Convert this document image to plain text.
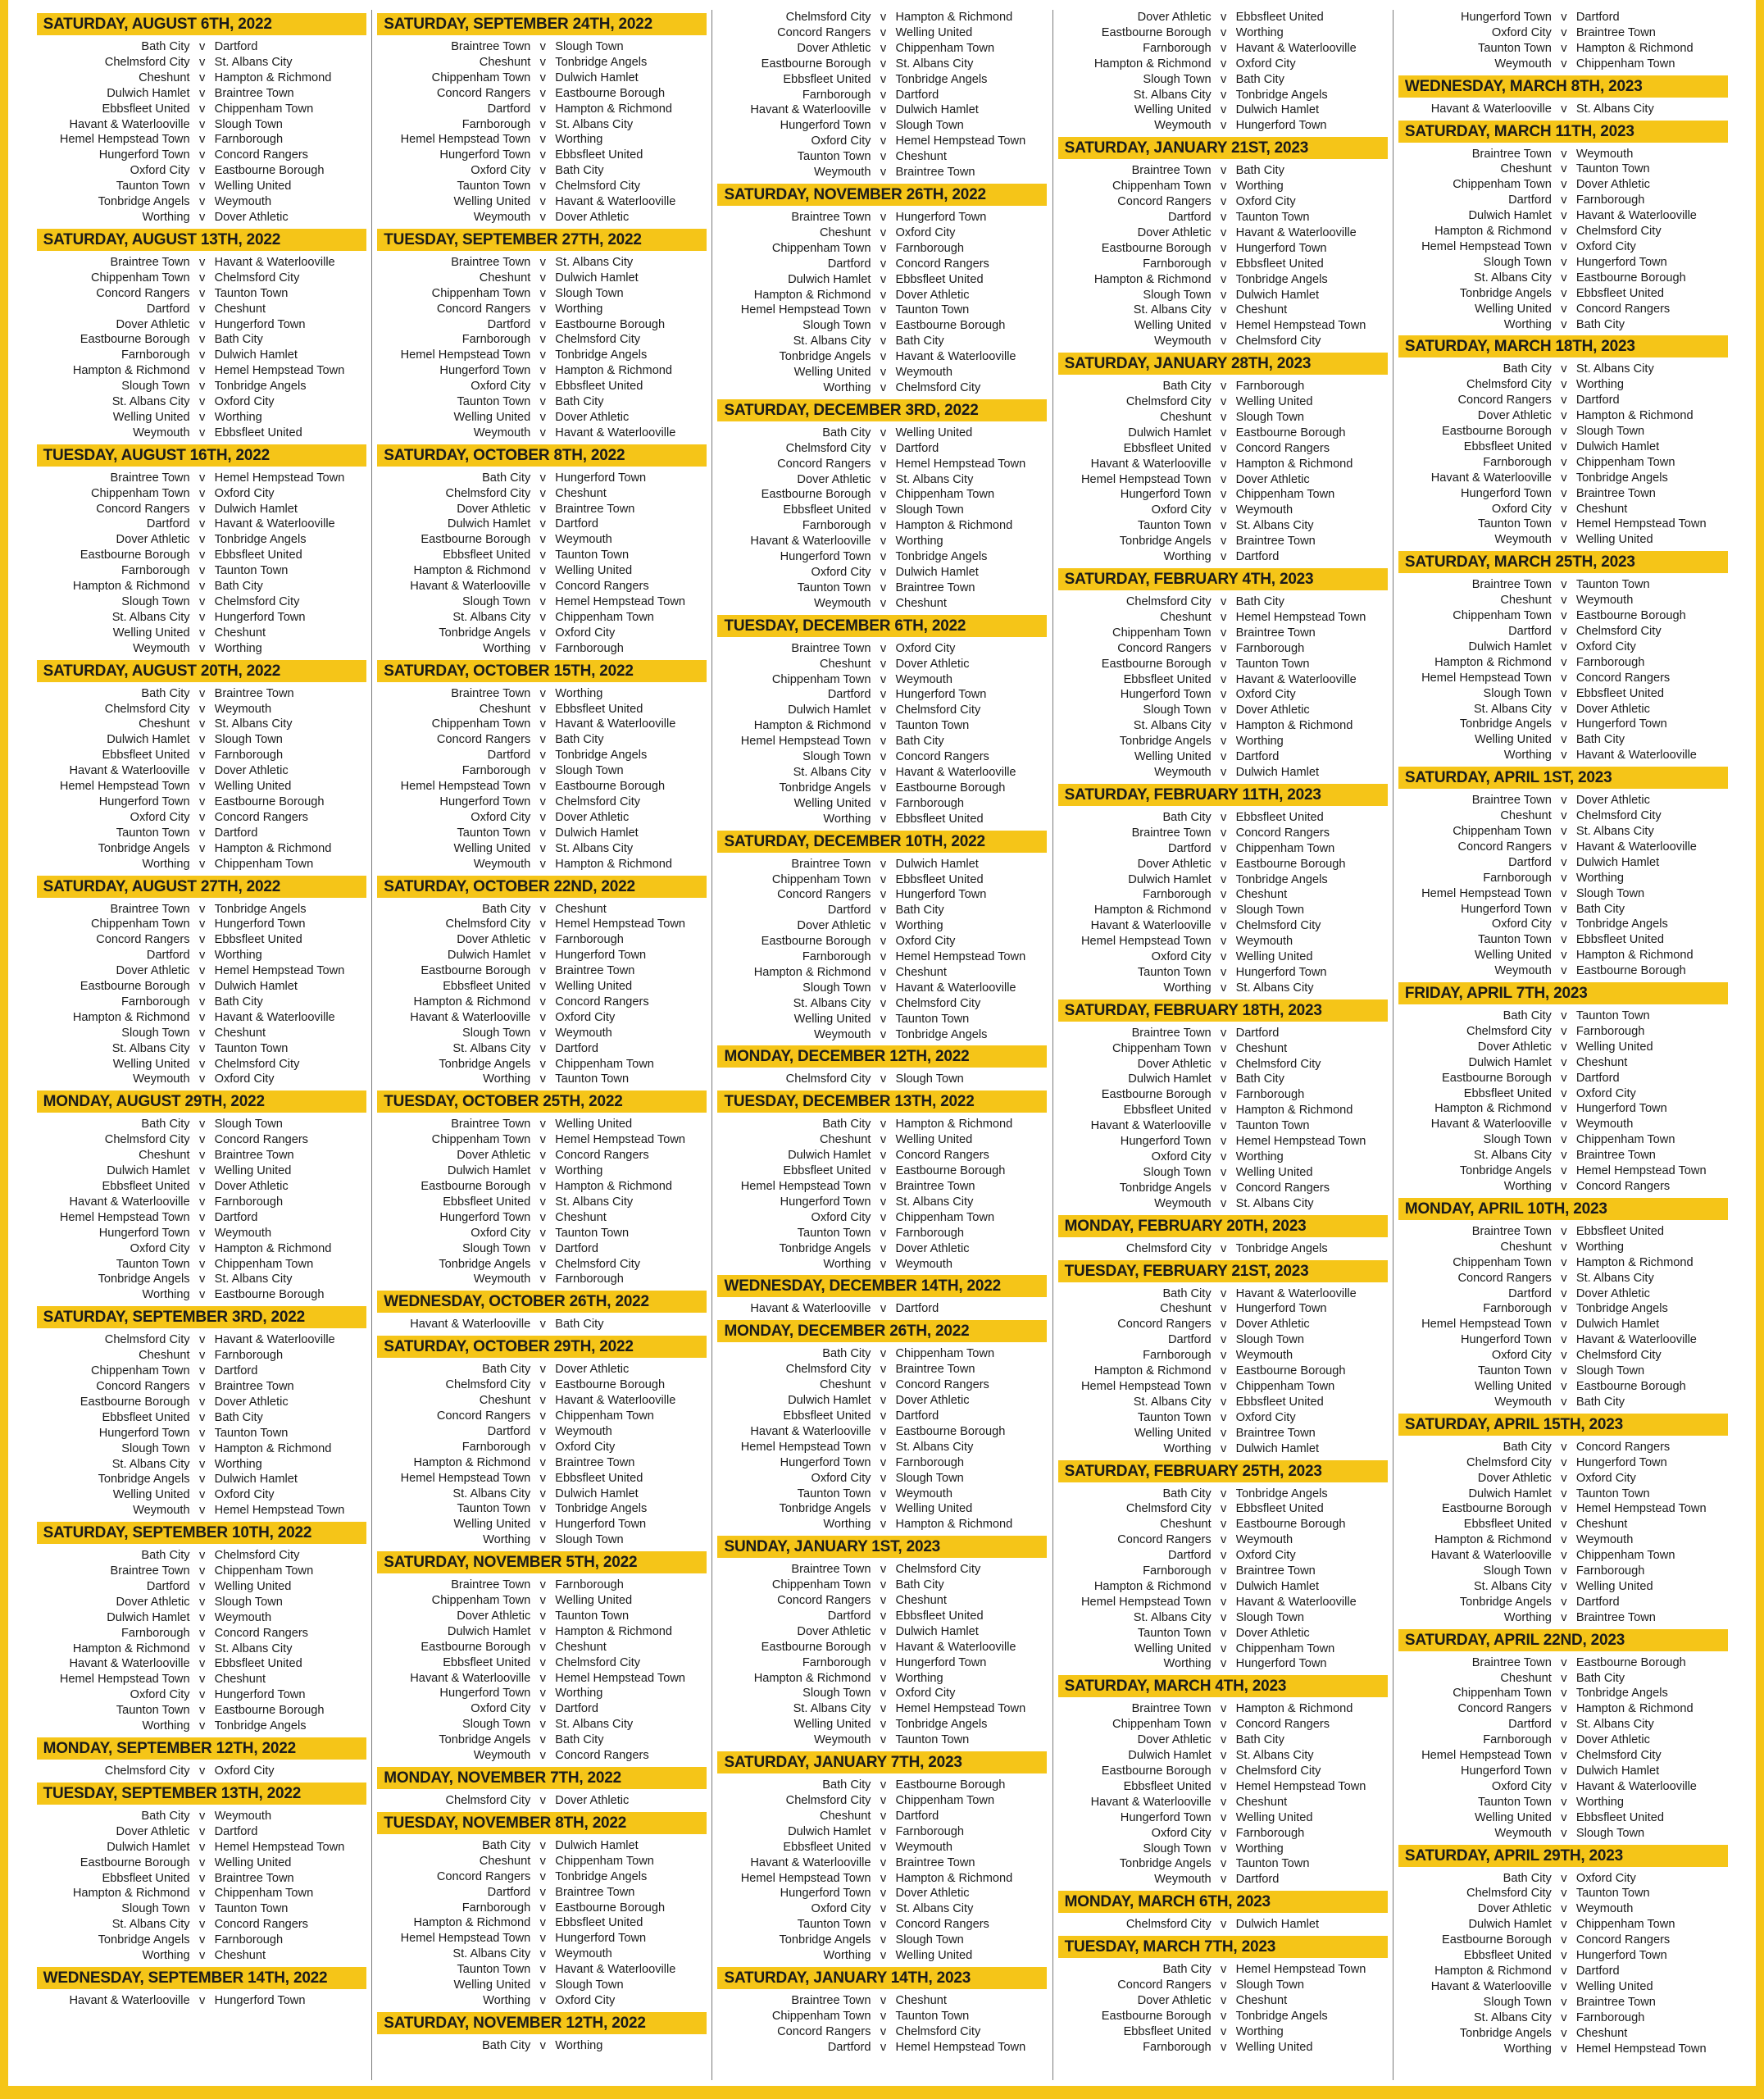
SATURDAY, AUGUST 6TH, 2022
Bath City v Dartford
Chelmsford City v St. Albans City
Cheshunt v Hampton & Richmond
Dulwich Hamlet v Braintree Town
Ebbsfleet United v Chippenham Town
Havant & Waterlooville v Slough Town
Hemel Hempstead Town v Farnborough
Hungerford Town v Concord Rangers
Oxford City v Eastbourne Borough
Taunton Town v Welling United
Tonbridge Angels v Weymouth
Worthing v Dover Athletic
SATURDAY, AUGUST 13TH, 2022
Braintree Town v Havant & Waterlooville
Chippenham Town v Chelmsford City
Concord Rangers v Taunton Town
Dartford v Cheshunt
Dover Athletic v Hungerford Town
Eastbourne Borough v Bath City
Farnborough v Dulwich Hamlet
Hampton & Richmond v Hemel Hempstead Town
Slough Town v Tonbridge Angels
St. Albans City v Oxford City
Welling United v Worthing
Weymouth v Ebbsfleet United
TUESDAY, AUGUST 16TH, 2022
Braintree Town v Hemel Hempstead Town
Chippenham Town v Oxford City
Concord Rangers v Dulwich Hamlet
Dartford v Havant & Waterlooville
Dover Athletic v Tonbridge Angels
Eastbourne Borough v Ebbsfleet United
Farnborough v Taunton Town
Hampton & Richmond v Bath City
Slough Town v Chelmsford City
St. Albans City v Hungerford Town
Welling United v Cheshunt
Weymouth v Worthing
SATURDAY, AUGUST 20TH, 2022
Bath City v Braintree Town
Chelmsford City v Weymouth
Cheshunt v St. Albans City
Dulwich Hamlet v Slough Town
Ebbsfleet United v Farnborough
Havant & Waterlooville v Dover Athletic
Hemel Hempstead Town v Welling United
Hungerford Town v Eastbourne Borough
Oxford City v Concord Rangers
Taunton Town v Dartford
Tonbridge Angels v Hampton & Richmond
Worthing v Chippenham Town
SATURDAY, AUGUST 27TH, 2022
Braintree Town v Tonbridge Angels
Chippenham Town v Hungerford Town
Concord Rangers v Ebbsfleet United
Dartford v Worthing
Dover Athletic v Hemel Hempstead Town
Eastbourne Borough v Dulwich Hamlet
Farnborough v Bath City
Hampton & Richmond v Havant & Waterlooville
Slough Town v Cheshunt
St. Albans City v Taunton Town
Welling United v Chelmsford City
Weymouth v Oxford City
MONDAY, AUGUST 29TH, 2022
Bath City v Slough Town
Chelmsford City v Concord Rangers
Cheshunt v Braintree Town
Dulwich Hamlet v Welling United
Ebbsfleet United v Dover Athletic
Havant & Waterlooville v Farnborough
Hemel Hempstead Town v Dartford
Hungerford Town v Weymouth
Oxford City v Hampton & Richmond
Taunton Town v Chippenham Town
Tonbridge Angels v St. Albans City
Worthing v Eastbourne Borough
SATURDAY, SEPTEMBER 3RD, 2022
Chelmsford City v Havant & Waterlooville
Cheshunt v Farnborough
Chippenham Town v Dartford
Concord Rangers v Braintree Town
Eastbourne Borough v Dover Athletic
Ebbsfleet United v Bath City
Hungerford Town v Taunton Town
Slough Town v Hampton & Richmond
St. Albans City v Worthing
Tonbridge Angels v Dulwich Hamlet
Welling United v Oxford City
Weymouth v Hemel Hempstead Town
SATURDAY, SEPTEMBER 10TH, 2022
Bath City v Chelmsford City
Braintree Town v Chippenham Town
Dartford v Welling United
Dover Athletic v Slough Town
Dulwich Hamlet v Weymouth
Farnborough v Concord Rangers
Hampton & Richmond v St. Albans City
Havant & Waterlooville v Ebbsfleet United
Hemel Hempstead Town v Cheshunt
Oxford City v Hungerford Town
Taunton Town v Eastbourne Borough
Worthing v Tonbridge Angels
MONDAY, SEPTEMBER 12TH, 2022
Chelmsford City v Oxford City
TUESDAY, SEPTEMBER 13TH, 2022
Bath City v Weymouth
Dover Athletic v Dartford
Dulwich Hamlet v Hemel Hempstead Town
Eastbourne Borough v Welling United
Ebbsfleet United v Braintree Town
Hampton & Richmond v Chippenham Town
Slough Town v Taunton Town
St. Albans City v Concord Rangers
Tonbridge Angels v Farnborough
Worthing v Cheshunt
WEDNESDAY, SEPTEMBER 14TH, 2022
Havant & Waterlooville v Hungerford Town
SATURDAY, SEPTEMBER 24TH, 2022
Braintree Town v Slough Town
Cheshunt v Tonbridge Angels
Chippenham Town v Dulwich Hamlet
Concord Rangers v Eastbourne Borough
Dartford v Hampton & Richmond
Farnborough v St. Albans City
Hemel Hempstead Town v Worthing
Hungerford Town v Ebbsfleet United
Oxford City v Bath City
Taunton Town v Chelmsford City
Welling United v Havant & Waterlooville
Weymouth v Dover Athletic
TUESDAY, SEPTEMBER 27TH, 2022
Braintree Town v St. Albans City
Cheshunt v Dulwich Hamlet
Chippenham Town v Slough Town
Concord Rangers v Worthing
Dartford v Eastbourne Borough
Farnborough v Chelmsford City
Hemel Hempstead Town v Tonbridge Angels
Hungerford Town v Hampton & Richmond
Oxford City v Ebbsfleet United
Taunton Town v Bath City
Welling United v Dover Athletic
Weymouth v Havant & Waterlooville
SATURDAY, OCTOBER 8TH, 2022
Bath City v Hungerford Town
Chelmsford City v Cheshunt
Dover Athletic v Braintree Town
Dulwich Hamlet v Dartford
Eastbourne Borough v Weymouth
Ebbsfleet United v Taunton Town
Hampton & Richmond v Welling United
Havant & Waterlooville v Concord Rangers
Slough Town v Hemel Hempstead Town
St. Albans City v Chippenham Town
Tonbridge Angels v Oxford City
Worthing v Farnborough
SATURDAY, OCTOBER 15TH, 2022
Braintree Town v Worthing
Cheshunt v Ebbsfleet United
Chippenham Town v Havant & Waterlooville
Concord Rangers v Bath City
Dartford v Tonbridge Angels
Farnborough v Slough Town
Hemel Hempstead Town v Eastbourne Borough
Hungerford Town v Chelmsford City
Oxford City v Dover Athletic
Taunton Town v Dulwich Hamlet
Welling United v St. Albans City
Weymouth v Hampton & Richmond
SATURDAY, OCTOBER 22ND, 2022
Bath City v Cheshunt
Chelmsford City v Hemel Hempstead Town
Dover Athletic v Farnborough
Dulwich Hamlet v Hungerford Town
Eastbourne Borough v Braintree Town
Ebbsfleet United v Welling United
Hampton & Richmond v Concord Rangers
Havant & Waterlooville v Oxford City
Slough Town v Weymouth
St. Albans City v Dartford
Tonbridge Angels v Chippenham Town
Worthing v Taunton Town
TUESDAY, OCTOBER 25TH, 2022
Braintree Town v Welling United
Chippenham Town v Hemel Hempstead Town
Dover Athletic v Concord Rangers
Dulwich Hamlet v Worthing
Eastbourne Borough v Hampton & Richmond
Ebbsfleet United v St. Albans City
Hungerford Town v Cheshunt
Oxford City v Taunton Town
Slough Town v Dartford
Tonbridge Angels v Chelmsford City
Weymouth v Farnborough
WEDNESDAY, OCTOBER 26TH, 2022
Havant & Waterlooville v Bath City
SATURDAY, OCTOBER 29TH, 2022
Bath City v Dover Athletic
Chelmsford City v Eastbourne Borough
Cheshunt v Havant & Waterlooville
Concord Rangers v Chippenham Town
Dartford v Weymouth
Farnborough v Oxford City
Hampton & Richmond v Braintree Town
Hemel Hempstead Town v Ebbsfleet United
St. Albans City v Dulwich Hamlet
Taunton Town v Tonbridge Angels
Welling United v Hungerford Town
Worthing v Slough Town
SATURDAY, NOVEMBER 5TH, 2022
Braintree Town v Farnborough
Chippenham Town v Welling United
Dover Athletic v Taunton Town
Dulwich Hamlet v Hampton & Richmond
Eastbourne Borough v Cheshunt
Ebbsfleet United v Chelmsford City
Havant & Waterlooville v Hemel Hempstead Town
Hungerford Town v Worthing
Oxford City v Dartford
Slough Town v St. Albans City
Tonbridge Angels v Bath City
Weymouth v Concord Rangers
MONDAY, NOVEMBER 7TH, 2022
Chelmsford City v Dover Athletic
TUESDAY, NOVEMBER 8TH, 2022
Bath City v Dulwich Hamlet
Cheshunt v Chippenham Town
Concord Rangers v Tonbridge Angels
Dartford v Braintree Town
Farnborough v Eastbourne Borough
Hampton & Richmond v Ebbsfleet United
Hemel Hempstead Town v Hungerford Town
St. Albans City v Weymouth
Taunton Town v Havant & Waterlooville
Welling United v Slough Town
Worthing v Oxford City
SATURDAY, NOVEMBER 12TH, 2022
Bath City v Worthing
Chelmsford City v Hampton & Richmond
Concord Rangers v Welling United
Dover Athletic v Chippenham Town
Eastbourne Borough v St. Albans City
Ebbsfleet United v Tonbridge Angels
Farnborough v Dartford
Havant & Waterlooville v Dulwich Hamlet
Hungerford Town v Slough Town
Oxford City v Hemel Hempstead Town
Taunton Town v Cheshunt
Weymouth v Braintree Town
SATURDAY, NOVEMBER 26TH, 2022
Braintree Town v Hungerford Town
Cheshunt v Oxford City
Chippenham Town v Farnborough
Dartford v Concord Rangers
Dulwich Hamlet v Ebbsfleet United
Hampton & Richmond v Dover Athletic
Hemel Hempstead Town v Taunton Town
Slough Town v Eastbourne Borough
St. Albans City v Bath City
Tonbridge Angels v Havant & Waterlooville
Welling United v Weymouth
Worthing v Chelmsford City
SATURDAY, DECEMBER 3RD, 2022
Bath City v Welling United
Chelmsford City v Dartford
Concord Rangers v Hemel Hempstead Town
Dover Athletic v St. Albans City
Eastbourne Borough v Chippenham Town
Ebbsfleet United v Slough Town
Farnborough v Hampton & Richmond
Havant & Waterlooville v Worthing
Hungerford Town v Tonbridge Angels
Oxford City v Dulwich Hamlet
Taunton Town v Braintree Town
Weymouth v Cheshunt
TUESDAY, DECEMBER 6TH, 2022
Braintree Town v Oxford City
Cheshunt v Dover Athletic
Chippenham Town v Weymouth
Dartford v Hungerford Town
Dulwich Hamlet v Chelmsford City
Hampton & Richmond v Taunton Town
Hemel Hempstead Town v Bath City
Slough Town v Concord Rangers
St. Albans City v Havant & Waterlooville
Tonbridge Angels v Eastbourne Borough
Welling United v Farnborough
Worthing v Ebbsfleet United
SATURDAY, DECEMBER 10TH, 2022
Braintree Town v Dulwich Hamlet
Chippenham Town v Ebbsfleet United
Concord Rangers v Hungerford Town
Dartford v Bath City
Dover Athletic v Worthing
Eastbourne Borough v Oxford City
Farnborough v Hemel Hempstead Town
Hampton & Richmond v Cheshunt
Slough Town v Havant & Waterlooville
St. Albans City v Chelmsford City
Welling United v Taunton Town
Weymouth v Tonbridge Angels
MONDAY, DECEMBER 12TH, 2022
Chelmsford City v Slough Town
TUESDAY, DECEMBER 13TH, 2022
Bath City v Hampton & Richmond
Cheshunt v Welling United
Dulwich Hamlet v Concord Rangers
Ebbsfleet United v Eastbourne Borough
Hemel Hempstead Town v Braintree Town
Hungerford Town v St. Albans City
Oxford City v Chippenham Town
Taunton Town v Farnborough
Tonbridge Angels v Dover Athletic
Worthing v Weymouth
WEDNESDAY, DECEMBER 14TH, 2022
Havant & Waterlooville v Dartford
MONDAY, DECEMBER 26TH, 2022
Bath City v Chippenham Town
Chelmsford City v Braintree Town
Cheshunt v Concord Rangers
Dulwich Hamlet v Dover Athletic
Ebbsfleet United v Dartford
Havant & Waterlooville v Eastbourne Borough
Hemel Hempstead Town v St. Albans City
Hungerford Town v Farnborough
Oxford City v Slough Town
Taunton Town v Weymouth
Tonbridge Angels v Welling United
Worthing v Hampton & Richmond
SUNDAY, JANUARY 1ST, 2023
Braintree Town v Chelmsford City
Chippenham Town v Bath City
Concord Rangers v Cheshunt
Dartford v Ebbsfleet United
Dover Athletic v Dulwich Hamlet
Eastbourne Borough v Havant & Waterlooville
Farnborough v Hungerford Town
Hampton & Richmond v Worthing
Slough Town v Oxford City
St. Albans City v Hemel Hempstead Town
Welling United v Tonbridge Angels
Weymouth v Taunton Town
SATURDAY, JANUARY 7TH, 2023
Bath City v Eastbourne Borough
Chelmsford City v Chippenham Town
Cheshunt v Dartford
Dulwich Hamlet v Farnborough
Ebbsfleet United v Weymouth
Havant & Waterlooville v Braintree Town
Hemel Hempstead Town v Hampton & Richmond
Hungerford Town v Dover Athletic
Oxford City v St. Albans City
Taunton Town v Concord Rangers
Tonbridge Angels v Slough Town
Worthing v Welling United
SATURDAY, JANUARY 14TH, 2023
Braintree Town v Cheshunt
Chippenham Town v Taunton Town
Concord Rangers v Chelmsford City
Dartford v Hemel Hempstead Town
Dover Athletic v Ebbsfleet United
Eastbourne Borough v Worthing
Farnborough v Havant & Waterlooville
Hampton & Richmond v Oxford City
Slough Town v Bath City
St. Albans City v Tonbridge Angels
Welling United v Dulwich Hamlet
Weymouth v Hungerford Town
SATURDAY, JANUARY 21ST, 2023
Braintree Town v Bath City
Chippenham Town v Worthing
Concord Rangers v Oxford City
Dartford v Taunton Town
Dover Athletic v Havant & Waterlooville
Eastbourne Borough v Hungerford Town
Farnborough v Ebbsfleet United
Hampton & Richmond v Tonbridge Angels
Slough Town v Dulwich Hamlet
St. Albans City v Cheshunt
Welling United v Hemel Hempstead Town
Weymouth v Chelmsford City
SATURDAY, JANUARY 28TH, 2023
Bath City v Farnborough
Chelmsford City v Welling United
Cheshunt v Slough Town
Dulwich Hamlet v Eastbourne Borough
Ebbsfleet United v Concord Rangers
Havant & Waterlooville v Hampton & Richmond
Hemel Hempstead Town v Dover Athletic
Hungerford Town v Chippenham Town
Oxford City v Weymouth
Taunton Town v St. Albans City
Tonbridge Angels v Braintree Town
Worthing v Dartford
SATURDAY, FEBRUARY 4TH, 2023
Chelmsford City v Bath City
Cheshunt v Hemel Hempstead Town
Chippenham Town v Braintree Town
Concord Rangers v Farnborough
Eastbourne Borough v Taunton Town
Ebbsfleet United v Havant & Waterlooville
Hungerford Town v Oxford City
Slough Town v Dover Athletic
St. Albans City v Hampton & Richmond
Tonbridge Angels v Worthing
Welling United v Dartford
Weymouth v Dulwich Hamlet
SATURDAY, FEBRUARY 11TH, 2023
Bath City v Ebbsfleet United
Braintree Town v Concord Rangers
Dartford v Chippenham Town
Dover Athletic v Eastbourne Borough
Dulwich Hamlet v Tonbridge Angels
Farnborough v Cheshunt
Hampton & Richmond v Slough Town
Havant & Waterlooville v Chelmsford City
Hemel Hempstead Town v Weymouth
Oxford City v Welling United
Taunton Town v Hungerford Town
Worthing v St. Albans City
SATURDAY, FEBRUARY 18TH, 2023
Braintree Town v Dartford
Chippenham Town v Cheshunt
Dover Athletic v Chelmsford City
Dulwich Hamlet v Bath City
Eastbourne Borough v Farnborough
Ebbsfleet United v Hampton & Richmond
Havant & Waterlooville v Taunton Town
Hungerford Town v Hemel Hempstead Town
Oxford City v Worthing
Slough Town v Welling United
Tonbridge Angels v Concord Rangers
Weymouth v St. Albans City
MONDAY, FEBRUARY 20TH, 2023
Chelmsford City v Tonbridge Angels
TUESDAY, FEBRUARY 21ST, 2023
Bath City v Havant & Waterlooville
Cheshunt v Hungerford Town
Concord Rangers v Dover Athletic
Dartford v Slough Town
Farnborough v Weymouth
Hampton & Richmond v Eastbourne Borough
Hemel Hempstead Town v Chippenham Town
St. Albans City v Ebbsfleet United
Taunton Town v Oxford City
Welling United v Braintree Town
Worthing v Dulwich Hamlet
SATURDAY, FEBRUARY 25TH, 2023
Bath City v Tonbridge Angels
Chelmsford City v Ebbsfleet United
Cheshunt v Eastbourne Borough
Concord Rangers v Weymouth
Dartford v Oxford City
Farnborough v Braintree Town
Hampton & Richmond v Dulwich Hamlet
Hemel Hempstead Town v Havant & Waterlooville
St. Albans City v Slough Town
Taunton Town v Dover Athletic
Welling United v Chippenham Town
Worthing v Hungerford Town
SATURDAY, MARCH 4TH, 2023
Braintree Town v Hampton & Richmond
Chippenham Town v Concord Rangers
Dover Athletic v Bath City
Dulwich Hamlet v St. Albans City
Eastbourne Borough v Chelmsford City
Ebbsfleet United v Hemel Hempstead Town
Havant & Waterlooville v Cheshunt
Hungerford Town v Welling United
Oxford City v Farnborough
Slough Town v Worthing
Tonbridge Angels v Taunton Town
Weymouth v Dartford
MONDAY, MARCH 6TH, 2023
Chelmsford City v Dulwich Hamlet
TUESDAY, MARCH 7TH, 2023
Bath City v Hemel Hempstead Town
Concord Rangers v Slough Town
Dover Athletic v Cheshunt
Eastbourne Borough v Tonbridge Angels
Ebbsfleet United v Worthing
Farnborough v Welling United
Hungerford Town v Dartford
Oxford City v Braintree Town
Taunton Town v Hampton & Richmond
Weymouth v Chippenham Town
WEDNESDAY, MARCH 8TH, 2023
Havant & Waterlooville v St. Albans City
SATURDAY, MARCH 11TH, 2023
Braintree Town v Weymouth
Cheshunt v Taunton Town
Chippenham Town v Dover Athletic
Dartford v Farnborough
Dulwich Hamlet v Havant & Waterlooville
Hampton & Richmond v Chelmsford City
Hemel Hempstead Town v Oxford City
Slough Town v Hungerford Town
St. Albans City v Eastbourne Borough
Tonbridge Angels v Ebbsfleet United
Welling United v Concord Rangers
Worthing v Bath City
SATURDAY, MARCH 18TH, 2023
Bath City v St. Albans City
Chelmsford City v Worthing
Concord Rangers v Dartford
Dover Athletic v Hampton & Richmond
Eastbourne Borough v Slough Town
Ebbsfleet United v Dulwich Hamlet
Farnborough v Chippenham Town
Havant & Waterlooville v Tonbridge Angels
Hungerford Town v Braintree Town
Oxford City v Cheshunt
Taunton Town v Hemel Hempstead Town
Weymouth v Welling United
SATURDAY, MARCH 25TH, 2023
Braintree Town v Taunton Town
Cheshunt v Weymouth
Chippenham Town v Eastbourne Borough
Dartford v Chelmsford City
Dulwich Hamlet v Oxford City
Hampton & Richmond v Farnborough
Hemel Hempstead Town v Concord Rangers
Slough Town v Ebbsfleet United
St. Albans City v Dover Athletic
Tonbridge Angels v Hungerford Town
Welling United v Bath City
Worthing v Havant & Waterlooville
SATURDAY, APRIL 1ST, 2023
Braintree Town v Dover Athletic
Cheshunt v Chelmsford City
Chippenham Town v St. Albans City
Concord Rangers v Havant & Waterlooville
Dartford v Dulwich Hamlet
Farnborough v Worthing
Hemel Hempstead Town v Slough Town
Hungerford Town v Bath City
Oxford City v Tonbridge Angels
Taunton Town v Ebbsfleet United
Welling United v Hampton & Richmond
Weymouth v Eastbourne Borough
FRIDAY, APRIL 7TH, 2023
Bath City v Taunton Town
Chelmsford City v Farnborough
Dover Athletic v Welling United
Dulwich Hamlet v Cheshunt
Eastbourne Borough v Dartford
Ebbsfleet United v Oxford City
Hampton & Richmond v Hungerford Town
Havant & Waterlooville v Weymouth
Slough Town v Chippenham Town
St. Albans City v Braintree Town
Tonbridge Angels v Hemel Hempstead Town
Worthing v Concord Rangers
MONDAY, APRIL 10TH, 2023
Braintree Town v Ebbsfleet United
Cheshunt v Worthing
Chippenham Town v Hampton & Richmond
Concord Rangers v St. Albans City
Dartford v Dover Athletic
Farnborough v Tonbridge Angels
Hemel Hempstead Town v Dulwich Hamlet
Hungerford Town v Havant & Waterlooville
Oxford City v Chelmsford City
Taunton Town v Slough Town
Welling United v Eastbourne Borough
Weymouth v Bath City
SATURDAY, APRIL 15TH, 2023
Bath City v Concord Rangers
Chelmsford City v Hungerford Town
Dover Athletic v Oxford City
Dulwich Hamlet v Taunton Town
Eastbourne Borough v Hemel Hempstead Town
Ebbsfleet United v Cheshunt
Hampton & Richmond v Weymouth
Havant & Waterlooville v Chippenham Town
Slough Town v Farnborough
St. Albans City v Welling United
Tonbridge Angels v Dartford
Worthing v Braintree Town
SATURDAY, APRIL 22ND, 2023
Braintree Town v Eastbourne Borough
Cheshunt v Bath City
Chippenham Town v Tonbridge Angels
Concord Rangers v Hampton & Richmond
Dartford v St. Albans City
Farnborough v Dover Athletic
Hemel Hempstead Town v Chelmsford City
Hungerford Town v Dulwich Hamlet
Oxford City v Havant & Waterlooville
Taunton Town v Worthing
Welling United v Ebbsfleet United
Weymouth v Slough Town
SATURDAY, APRIL 29TH, 2023
Bath City v Oxford City
Chelmsford City v Taunton Town
Dover Athletic v Weymouth
Dulwich Hamlet v Chippenham Town
Eastbourne Borough v Concord Rangers
Ebbsfleet United v Hungerford Town
Hampton & Richmond v Dartford
Havant & Waterlooville v Welling United
Slough Town v Braintree Town
St. Albans City v Farnborough
Tonbridge Angels v Cheshunt
Worthing v Hemel Hempstead Town
